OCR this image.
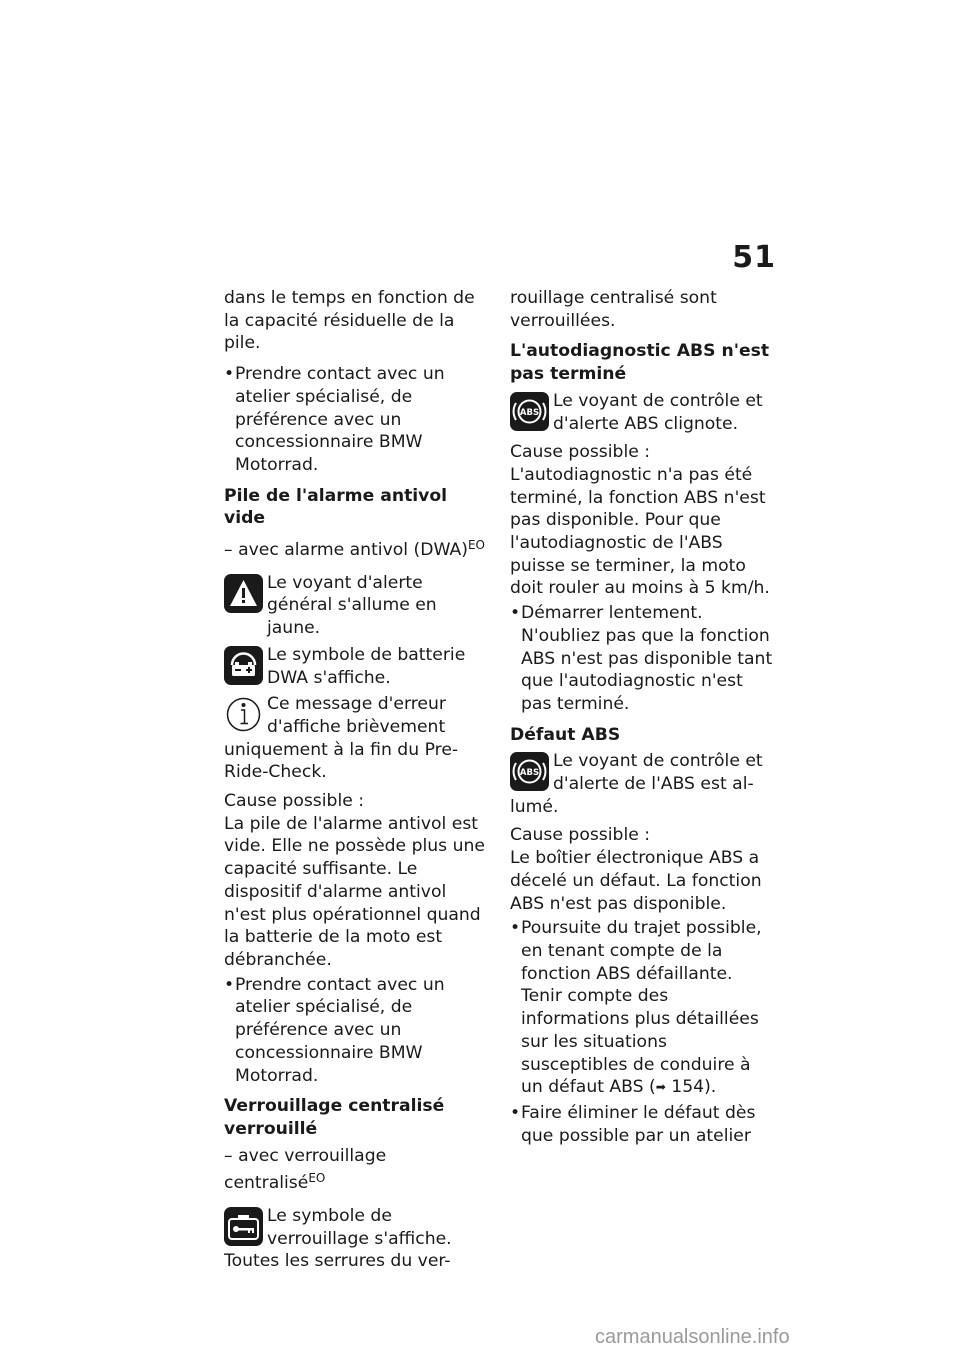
51

dans le temps en fonction de la capacité résiduelle de la pile.

• Prendre contact avec un atelier spécialisé, de préférence avec un concessionnaire BMW Motorrad.
Pile de l'alarme antivol vide
– avec alarme antivol (DWA)$^{EO}$
Le voyant d'alerte général s'allume en jaune.
Le symbole de batterie DWA s'affiche.
Ce message d'erreur d'affiche brièvement
uniquement à la fin du Pre-Ride-Check.

Cause possible :

La pile de l'alarme antivol est vide. Elle ne possède plus une capacité suffisante. Le dispositif d'alarme antivol n'est plus opérationnel quand la batterie de la moto est débranchée.

• Prendre contact avec un atelier spécialisé, de préférence avec un concessionnaire BMW Motorrad.
Verrouillage centralisé verrouillé
– avec verrouillage centralisé$^{EO}$
Le symbole de verrouillage s'affiche.
Toutes les serrures du ver-

rouillage centralisé sont verrouillées.

L'autodiagnostic ABS n'est pas terminé
ABS
Le voyant de contrôle et d'alerte ABS clignote.

Cause possible :

L'autodiagnostic n'a pas été terminé, la fonction ABS n'est pas disponible. Pour que l'autodiagnostic de l'ABS puisse se terminer, la moto doit rouler au moins à 5 km/h.

• Démarrer lentement. N'oubliez pas que la fonction ABS n'est pas disponible tant que l'autodiagnostic n'est pas terminé.
Défaut ABS
ABS
Le voyant de contrôle et d'alerte de l'ABS est al-
lumé.

Cause possible :

Le boîtier électronique ABS a décelé un défaut. La fonction ABS n'est pas disponible.

• Poursuite du trajet possible, en tenant compte de la fonction ABS défaillante. Tenir compte des informations plus détaillées sur les situations susceptibles de conduire à un défaut ABS (➡ 154).
• Faire éliminer le défaut dès que possible par un atelier
carmanualsonline.info
